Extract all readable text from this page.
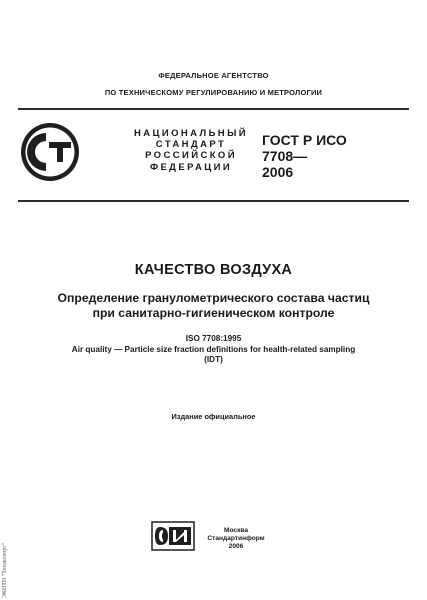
ФЕДЕРАЛЬНОЕ АГЕНТСТВО
ПО ТЕХНИЧЕСКОМУ РЕГУЛИРОВАНИЮ И МЕТРОЛОГИИ
НАЦИОНАЛЬНЫЙ
СТАНДАРТ
РОССИЙСКОЙ
ФЕДЕРАЦИИ
ГОСТ Р ИСО
7708—
2006
КАЧЕСТВО ВОЗДУХА
Определение гранулометрического состава частиц
при санитарно-гигиеническом контроле
ISO 7708:1995
Air quality — Particle size fraction definitions for health-related sampling
(IDT)
Издание официальное
Москва
Стандартинформ
2006
ЭКНТП "Техэкспорт"
